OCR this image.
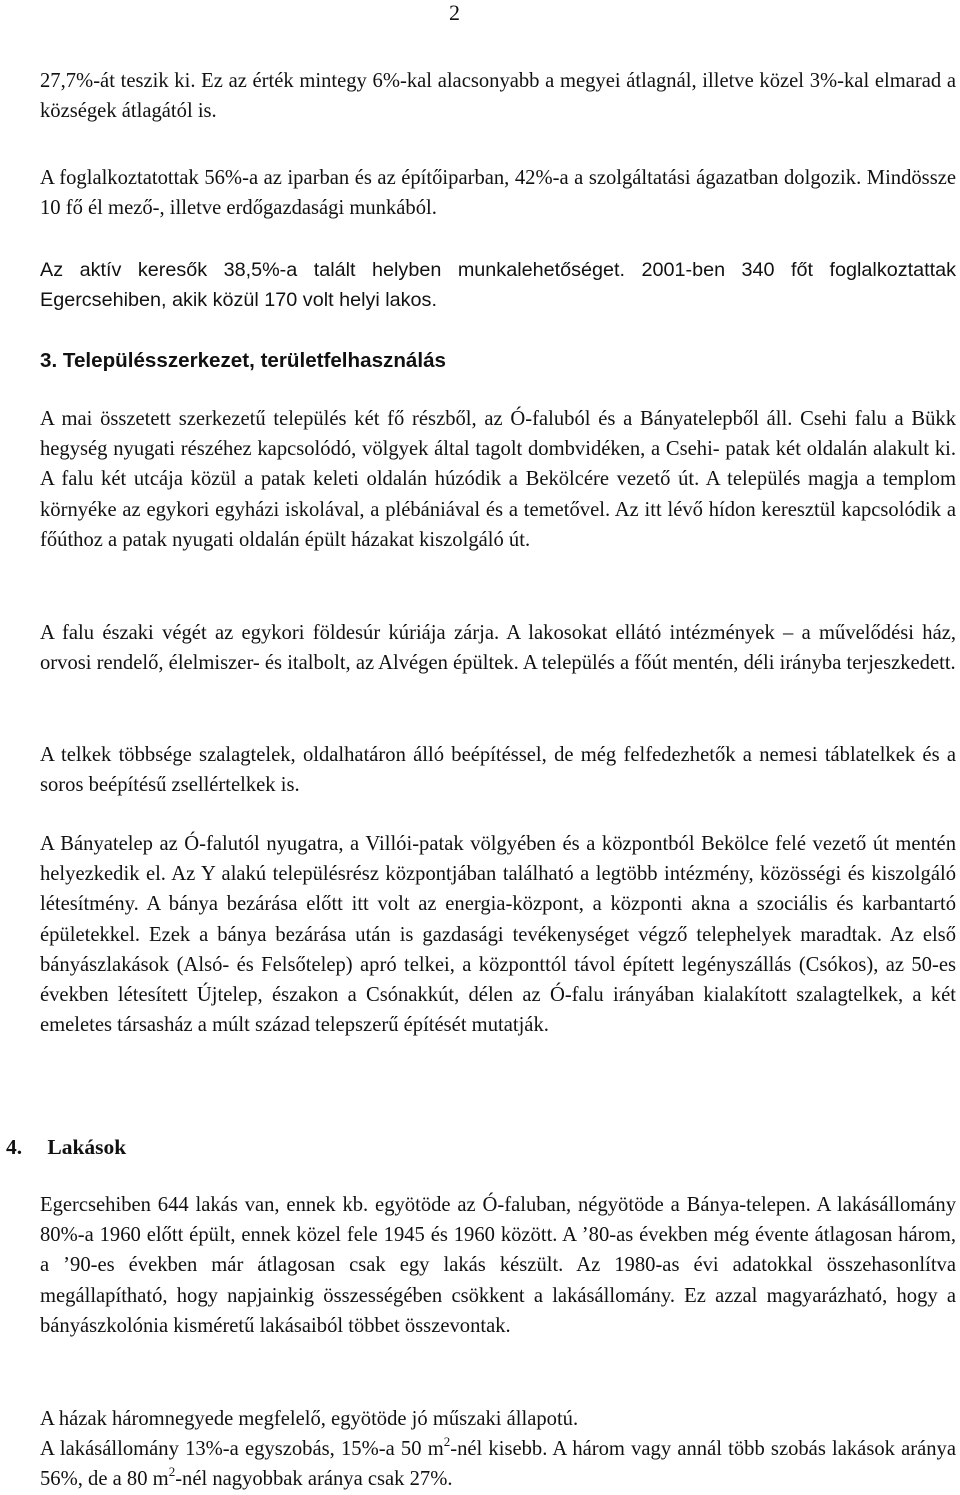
2

27,7%-át teszik ki. Ez az érték mintegy 6%-kal alacsonyabb a megyei átlagnál, illetve közel 3%-kal elmarad a községek átlagától is.

A foglalkoztatottak 56%-a az iparban és az építőiparban, 42%-a a szolgáltatási ágazatban dolgozik. Mindössze 10 fő él mező-, illetve erdőgazdasági munkából.

Az aktív keresők 38,5%-a talált helyben munkalehetőséget. 2001-ben 340 főt foglalkoztattak Egercsehiben, akik közül 170 volt helyi lakos.

3. Településszerkezet, területfelhasználás

A mai összetett szerkezetű település két fő részből, az Ó-faluból és a Bányatelepből áll. Csehi falu a Bükk hegység nyugati részéhez kapcsolódó, völgyek által tagolt dombvidéken, a Csehi- patak két oldalán alakult ki. A falu két utcája közül a patak keleti oldalán húzódik a Bekölcére vezető út. A település magja a templom környéke az egykori egyházi iskolával, a plébániával és a temetővel. Az itt lévő hídon keresztül kapcsolódik a főúthoz a patak nyugati oldalán épült házakat kiszolgáló út.

A falu északi végét az egykori földesúr kúriája zárja. A lakosokat ellátó intézmények – a művelődési ház, orvosi rendelő, élelmiszer- és italbolt, az Alvégen épültek. A település a főút mentén, déli irányba terjeszkedett.

A telkek többsége szalagtelek, oldalhatáron álló beépítéssel, de még felfedezhetők a nemesi táblatelkek és a soros beépítésű zsellértelkek is.

A Bányatelep az Ó-falutól nyugatra, a Villói-patak völgyében és a központból Bekölce felé vezető út mentén helyezkedik el. Az Y alakú településrész központjában található a legtöbb intézmény, közösségi és kiszolgáló létesítmény. A bánya bezárása előtt itt volt az energia-központ, a központi akna a szociális és karbantartó épületekkel. Ezek a bánya bezárása után is gazdasági tevékenységet végző telephelyek maradtak. Az első bányászlakások (Alsó- és Felsőtelep) apró telkei, a központtól távol épített legényszállás (Csókos), az 50-es években létesített Újtelep, északon a Csónakkút, délen az Ó-falu irányában kialakított szalagtelkek, a két emeletes társasház a múlt század telepszerű építését mutatják.

4. Lakások

Egercsehiben 644 lakás van, ennek kb. egyötöde az Ó-faluban, négyötöde a Bánya-telepen. A lakásállomány 80%-a 1960 előtt épült, ennek közel fele 1945 és 1960 között. A ’80-as években még évente átlagosan három, a ’90-es években már átlagosan csak egy lakás készült. Az 1980-as évi adatokkal összehasonlítva megállapítható, hogy napjainkig összességében csökkent a lakásállomány. Ez azzal magyarázható, hogy a bányászkolónia kisméretű lakásaiból többet összevontak.

A házak háromnegyede megfelelő, egyötöde jó műszaki állapotú.

A lakásállomány 13%-a egyszobás, 15%-a 50 $m^2$-nél kisebb. A három vagy annál több szobás lakások aránya 56%, de a 80 $m^2$-nél nagyobbak aránya csak 27%.
